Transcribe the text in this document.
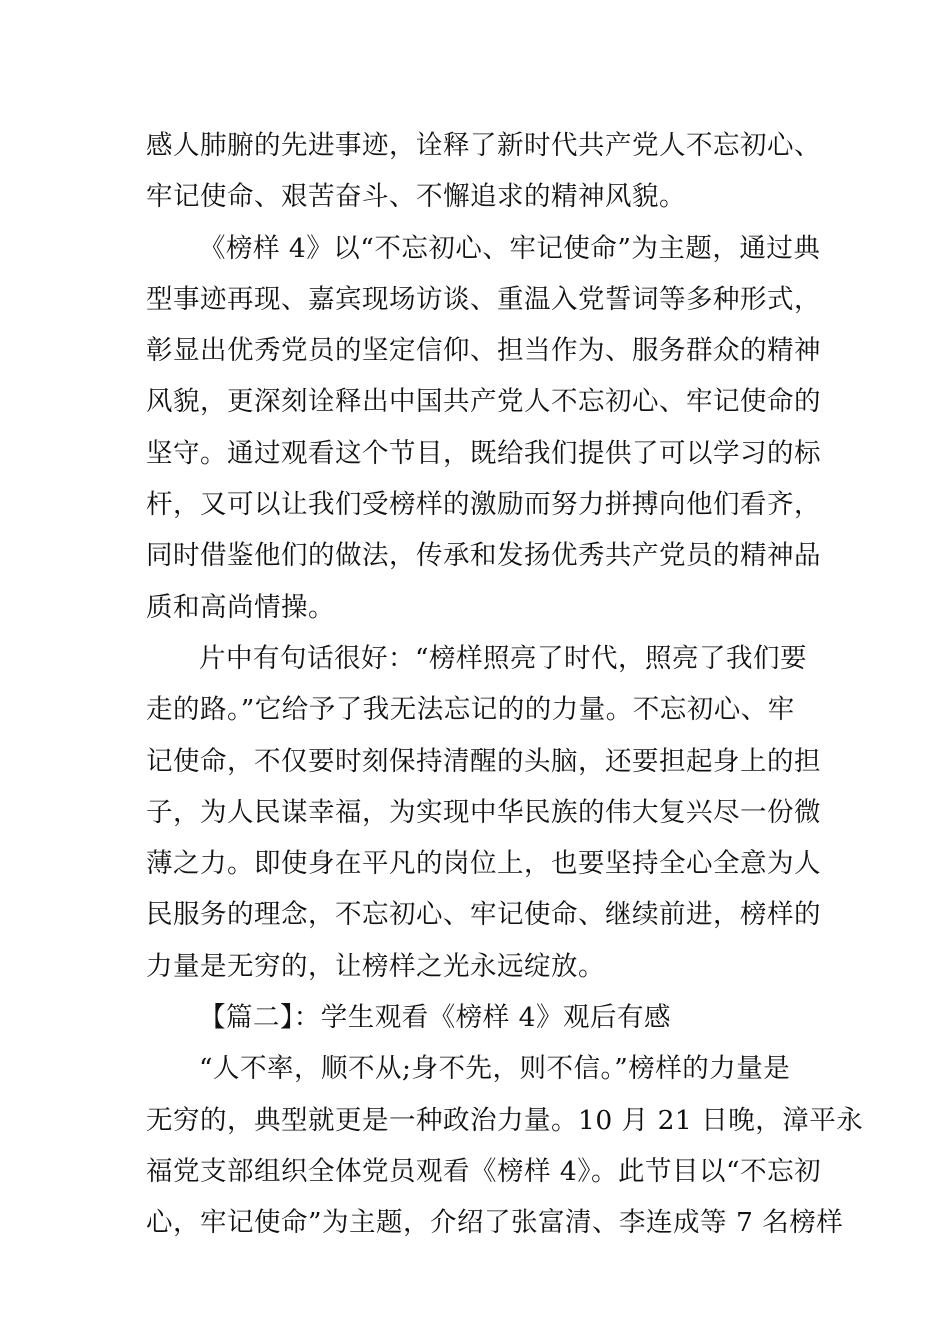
感人肺腑的先进事迹，诠释了新时代共产党人不忘初心、
牢记使命、艰苦奋斗、不懈追求的精神风貌。
《榜样 4》以“不忘初心、牢记使命”为主题，通过典
型事迹再现、嘉宾现场访谈、重温入党誓词等多种形式，
彰显出优秀党员的坚定信仰、担当作为、服务群众的精神
风貌，更深刻诠释出中国共产党人不忘初心、牢记使命的
坚守。通过观看这个节目，既给我们提供了可以学习的标
杆，又可以让我们受榜样的激励而努力拼搏向他们看齐，
同时借鉴他们的做法，传承和发扬优秀共产党员的精神品
质和高尚情操。
片中有句话很好：“榜样照亮了时代，照亮了我们要
走的路。”它给予了我无法忘记的的力量。不忘初心、牢
记使命，不仅要时刻保持清醒的头脑，还要担起身上的担
子，为人民谋幸福，为实现中华民族的伟大复兴尽一份微
薄之力。即使身在平凡的岗位上，也要坚持全心全意为人
民服务的理念，不忘初心、牢记使命、继续前进，榜样的
力量是无穷的，让榜样之光永远绽放。
【篇二】：学生观看《榜样 4》观后有感
“人不率，顺不从;身不先，则不信。”榜样的力量是
无穷的，典型就更是一种政治力量。10 月 21 日晚，漳平永
福党支部组织全体党员观看《榜样 4》。此节目以“不忘初
心，牢记使命”为主题，介绍了张富清、李连成等 7 名榜样
